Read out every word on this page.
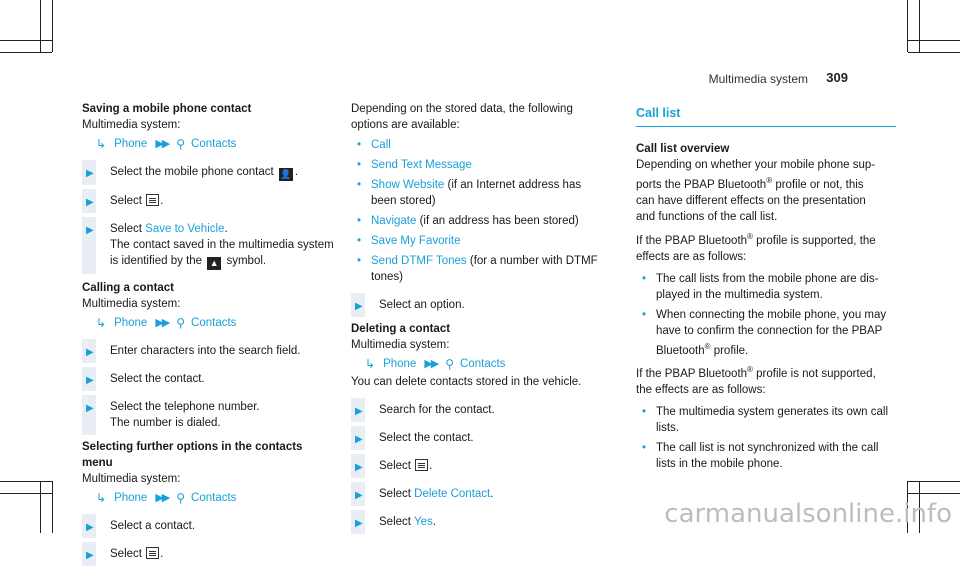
Multimedia system 309
Saving a mobile phone contact
Multimedia system:
↳ Phone ▶▶ ⚲ Contacts
▶ Select the mobile phone contact 👤 .
▶ Select .
▶ Select Save to Vehicle.
The contact saved in the multimedia system
is identified by the ▲ symbol.
Calling a contact
Multimedia system:
↳ Phone ▶▶ ⚲ Contacts
▶ Enter characters into the search field.
▶ Select the contact.
▶ Select the telephone number.
The number is dialed.
Selecting further options in the contacts
menu
Multimedia system:
↳ Phone ▶▶ ⚲ Contacts
▶ Select a contact.
▶ Select .
Depending on the stored data, the following
options are available:
• Call
• Send Text Message
• Show Website (if an Internet address has
been stored)
• Navigate (if an address has been stored)
• Save My Favorite
• Send DTMF Tones (for a number with DTMF
tones)
▶ Select an option.
Deleting a contact
Multimedia system:
↳ Phone ▶▶ ⚲ Contacts
You can delete contacts stored in the vehicle.
▶ Search for the contact.
▶ Select the contact.
▶ Select .
▶ Select Delete Contact.
▶ Select Yes.
Call list
Call list overview
Depending on whether your mobile phone sup-
ports the PBAP Bluetooth® profile or not, this
can have different effects on the presentation
and functions of the call list.
If the PBAP Bluetooth® profile is supported, the
effects are as follows:
• The call lists from the mobile phone are dis-
played in the multimedia system.
• When connecting the mobile phone, you may
have to confirm the connection for the PBAP
Bluetooth® profile.
If the PBAP Bluetooth® profile is not supported,
the effects are as follows:
• The multimedia system generates its own call
lists.
• The call list is not synchronized with the call
lists in the mobile phone.
carmanualsonline.info
